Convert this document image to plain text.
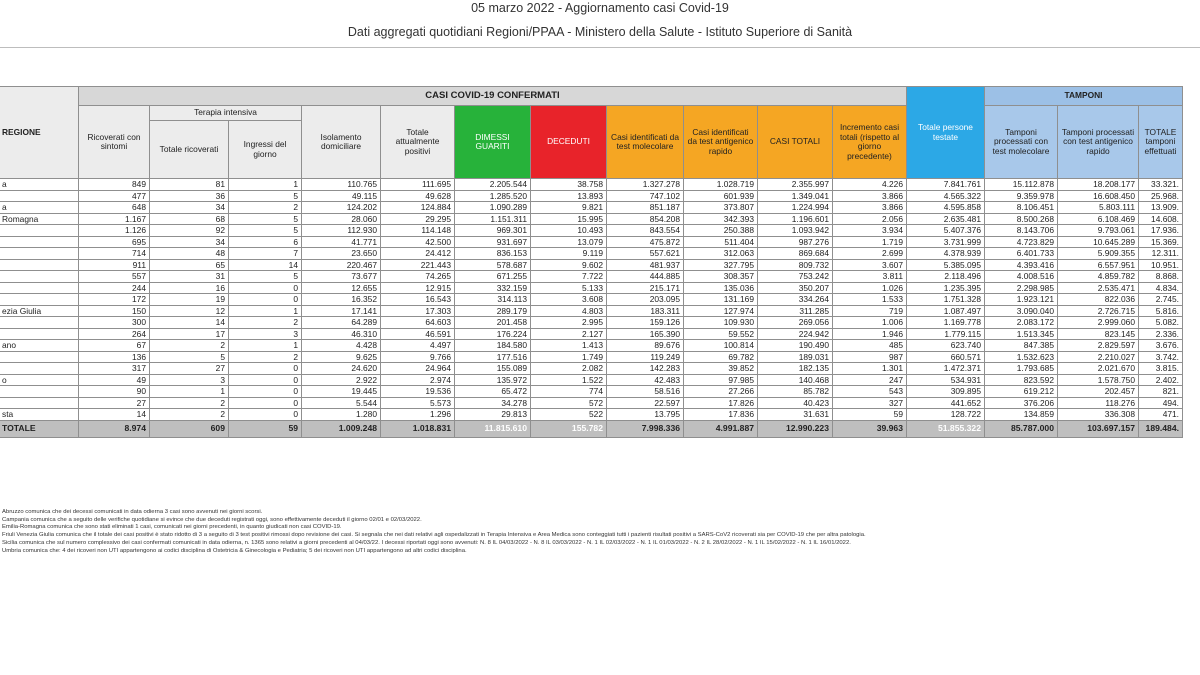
05 marzo 2022 - Aggiornamento casi Covid-19
Dati aggregati quotidiani Regioni/PPAA - Ministero della Salute - Istituto Superiore di Sanità
REGIONE	CASI COVID-19 CONFERMATI											Totale persone testate	TAMPONI		
	Ricoverati con sintomi	Terapia intensiva		Isolamento domiciliare	Totale attualmente positivi	DIMESSI GUARITI	DECEDUTI	Casi identificati da test molecolare	Casi identificati da test antigenico rapido	CASI TOTALI	Incremento casi totali (rispetto al giorno precedente)		Tamponi processati con test molecolare	Tamponi processati con test antigenico rapido	TOTALE tamponi effettuati
		Totale ricoverati	Ingressi del giorno												
a	849	81	1	110.765	111.695	2.205.544	38.758	1.327.278	1.028.719	2.355.997	4.226	7.841.761	15.112.878	18.208.177	33.321.
	477	36	5	49.115	49.628	1.285.520	13.893	747.102	601.939	1.349.041	3.866	4.565.322	9.359.978	16.608.450	25.968.
a	648	34	2	124.202	124.884	1.090.289	9.821	851.187	373.807	1.224.994	3.866	4.595.858	8.106.451	5.803.111	13.909.
Romagna	1.167	68	5	28.060	29.295	1.151.311	15.995	854.208	342.393	1.196.601	2.056	2.635.481	8.500.268	6.108.469	14.608.
	1.126	92	5	112.930	114.148	969.301	10.493	843.554	250.388	1.093.942	3.934	5.407.376	8.143.706	9.793.061	17.936.
	695	34	6	41.771	42.500	931.697	13.079	475.872	511.404	987.276	1.719	3.731.999	4.723.829	10.645.289	15.369.
	714	48	7	23.650	24.412	836.153	9.119	557.621	312.063	869.684	2.699	4.378.939	6.401.733	5.909.355	12.311.
	911	65	14	220.467	221.443	578.687	9.602	481.937	327.795	809.732	3.607	5.385.095	4.393.416	6.557.951	10.951.
	557	31	5	73.677	74.265	671.255	7.722	444.885	308.357	753.242	3.811	2.118.496	4.008.516	4.859.782	8.868.
	244	16	0	12.655	12.915	332.159	5.133	215.171	135.036	350.207	1.026	1.235.395	2.298.985	2.535.471	4.834.
	172	19	0	16.352	16.543	314.113	3.608	203.095	131.169	334.264	1.533	1.751.328	1.923.121	822.036	2.745.
ezia Giulia	150	12	1	17.141	17.303	289.179	4.803	183.311	127.974	311.285	719	1.087.497	3.090.040	2.726.715	5.816.
	300	14	2	64.289	64.603	201.458	2.995	159.126	109.930	269.056	1.006	1.169.778	2.083.172	2.999.060	5.082.
	264	17	3	46.310	46.591	176.224	2.127	165.390	59.552	224.942	1.946	1.779.115	1.513.345	823.145	2.336.
ano	67	2	1	4.428	4.497	184.580	1.413	89.676	100.814	190.490	485	623.740	847.385	2.829.597	3.676.
	136	5	2	9.625	9.766	177.516	1.749	119.249	69.782	189.031	987	660.571	1.532.623	2.210.027	3.742.
	317	27	0	24.620	24.964	155.089	2.082	142.283	39.852	182.135	1.301	1.472.371	1.793.685	2.021.670	3.815.
o	49	3	0	2.922	2.974	135.972	1.522	42.483	97.985	140.468	247	534.931	823.592	1.578.750	2.402.
	90	1	0	19.445	19.536	65.472	774	58.516	27.266	85.782	543	309.895	619.212	202.457	821.
	27	2	0	5.544	5.573	34.278	572	22.597	17.826	40.423	327	441.652	376.206	118.276	494.
sta	14	2	0	1.280	1.296	29.813	522	13.795	17.836	31.631	59	128.722	134.859	336.308	471.
TOTALE	8.974	609	59	1.009.248	1.018.831	11.815.610	155.782	7.998.336	4.991.887	12.990.223	39.963	51.855.322	85.787.000	103.697.157	189.484.
Abruzzo comunica che dei decessi comunicati in data odierna 3 casi sono avvenuti nei giorni scorsi.
Campania comunica che a seguito delle verifiche quotidiane si evince che due deceduti registrati oggi, sono effettivamente deceduti il giorno 02/01 e 02/03/2022.
Emilia-Romagna comunica che sono stati eliminati 1 casi, comunicati nei giorni precedenti, in quanto giudicati non casi COVID-19.
Friuli Venezia Giulia comunica che il totale dei casi positivi è stato ridotto di 3 a seguito di 3 test positivi rimossi dopo revisione dei casi. Si segnala che nei dati relativi agli ospedalizzati in Terapia Intensiva e Area Medica sono conteggiati tutti i pazienti risultati positivi a SARS-CoV2 ricoverati sia per COVID-19 che per altra patologia.
Sicilia comunica che sul numero complessivo dei casi confermati comunicati in data odierna, n. 1365 sono relativi a giorni precedenti al 04/03/22. I decessi riportati oggi sono avvenuti: N. 8 IL 04/03/2022 - N. 8 IL 03/03/2022 - N. 1 IL 02/03/2022 - N. 1 IL 01/03/2022 - N. 2 IL 28/02/2022 - N. 1 IL 15/02/2022 - N. 1 IL 16/01/2022.
Umbria comunica che: 4 dei ricoveri non UTI appartengono ai codici disciplina di Ostetricia & Ginecologia e Pediatria; 5 dei ricoveri non UTI appartengono ad altri codici disciplina.
